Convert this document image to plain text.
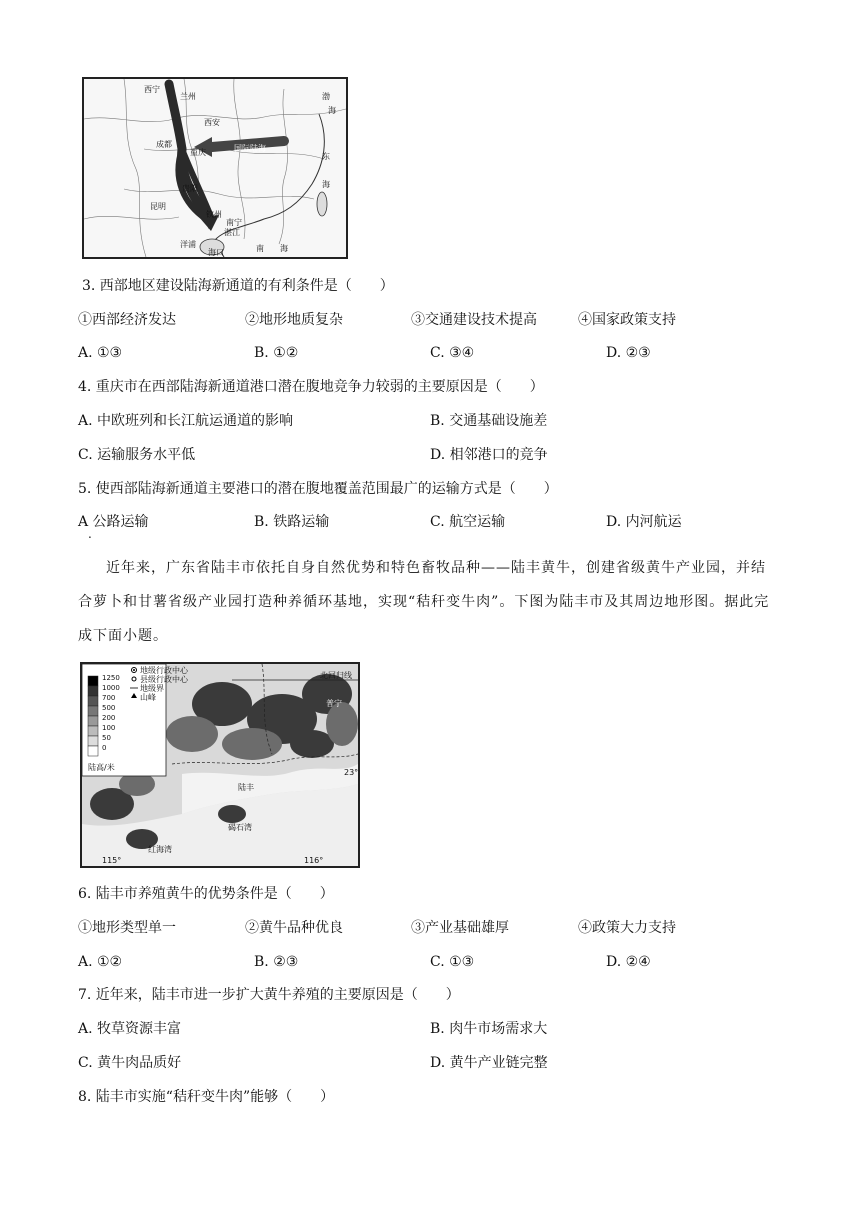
西宁
兰州
西安
成都
重庆
贵阳
南宁
昆明
湛江
钦州
洋浦
海口	南 海
东
海
渤
海
国际陆海
3. 西部地区建设陆海新通道的有利条件是（　　）
①西部经济发达	②地形地质复杂	③交通建设技术提高	④国家政策支持
A. ①③	B. ①②	C. ③④	D. ②③
4. 重庆市在西部陆海新通道港口潜在腹地竞争力较弱的主要原因是（　　）
A. 中欧班列和长江航运通道的影响	B. 交通基础设施差
C. 运输服务水平低	D. 相邻港口的竞争
5. 使西部陆海新通道主要港口的潜在腹地覆盖范围最广的运输方式是（　　）
A 公路运输	B. 铁路运输	C. 航空运输	D. 内河航运
.
近年来，广东省陆丰市依托自身自然优势和特色畜牧品种——陆丰黄牛，创建省级黄牛产业园，并结合萝卜和甘薯省级产业园打造种养循环基地，实现“秸秆变牛肉”。下图为陆丰市及其周边地形图。据此完成下面小题。
地级行政中心
县级行政中心
地级界
山峰
1250
1000
700
500
200
100
50
0
陆高/米
北回归线
普宁
陆丰
碣石湾
红海湾
23°
115°	116°
6. 陆丰市养殖黄牛的优势条件是（　　）
①地形类型单一	②黄牛品种优良	③产业基础雄厚	④政策大力支持
A. ①②	B. ②③	C. ①③	D. ②④
7. 近年来，陆丰市进一步扩大黄牛养殖的主要原因是（　　）
A. 牧草资源丰富	B. 肉牛市场需求大
C. 黄牛肉品质好	D. 黄牛产业链完整
8. 陆丰市实施“秸秆变牛肉”能够（　　）
